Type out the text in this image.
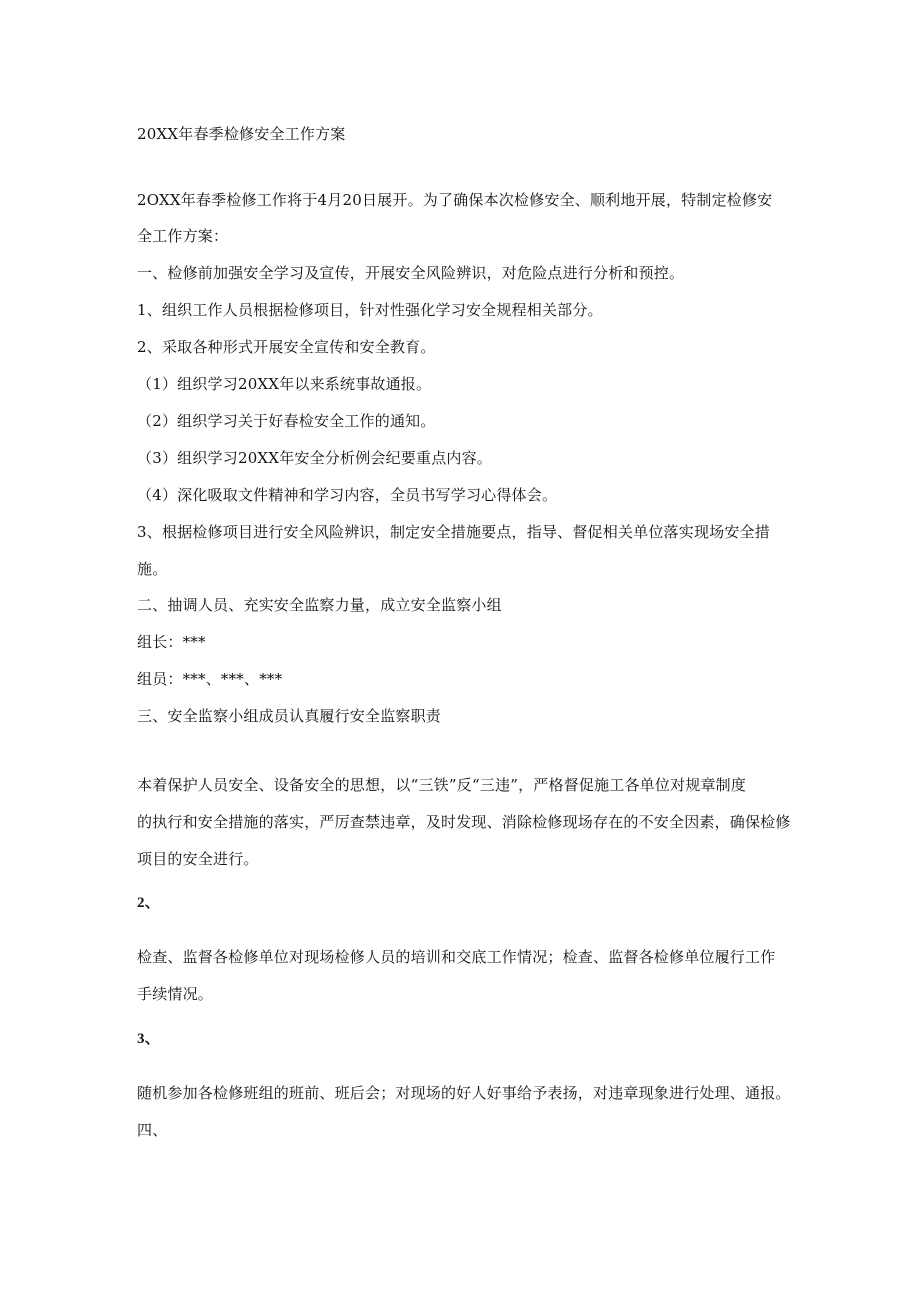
20XX年春季检修安全工作方案
2OXX年春季检修工作将于4月20日展开。为了确保本次检修安全、顺利地开展，特制定检修安
全工作方案：
一、检修前加强安全学习及宣传，开展安全风险辨识，对危险点进行分析和预控。
1、组织工作人员根据检修项目，针对性强化学习安全规程相关部分。
2、采取各种形式开展安全宣传和安全教育。
（1）组织学习20XX年以来系统事故通报。
（2）组织学习关于好春检安全工作的通知。
（3）组织学习20XX年安全分析例会纪要重点内容。
（4）深化吸取文件精神和学习内容，全员书写学习心得体会。
3、根据检修项目进行安全风险辨识，制定安全措施要点，指导、督促相关单位落实现场安全措
施。
二、抽调人员、充实安全监察力量，成立安全监察小组
组长：***
组员：***、***、***
三、安全监察小组成员认真履行安全监察职责
本着保护人员安全、设备安全的思想，以“三铁”反“三违”，严格督促施工各单位对规章制度
的执行和安全措施的落实，严厉查禁违章，及时发现、消除检修现场存在的不安全因素，确保检修
项目的安全进行。
2、
检查、监督各检修单位对现场检修人员的培训和交底工作情况；检查、监督各检修单位履行工作
手续情况。
3、
随机参加各检修班组的班前、班后会；对现场的好人好事给予表扬，对违章现象进行处理、通报。
四、
